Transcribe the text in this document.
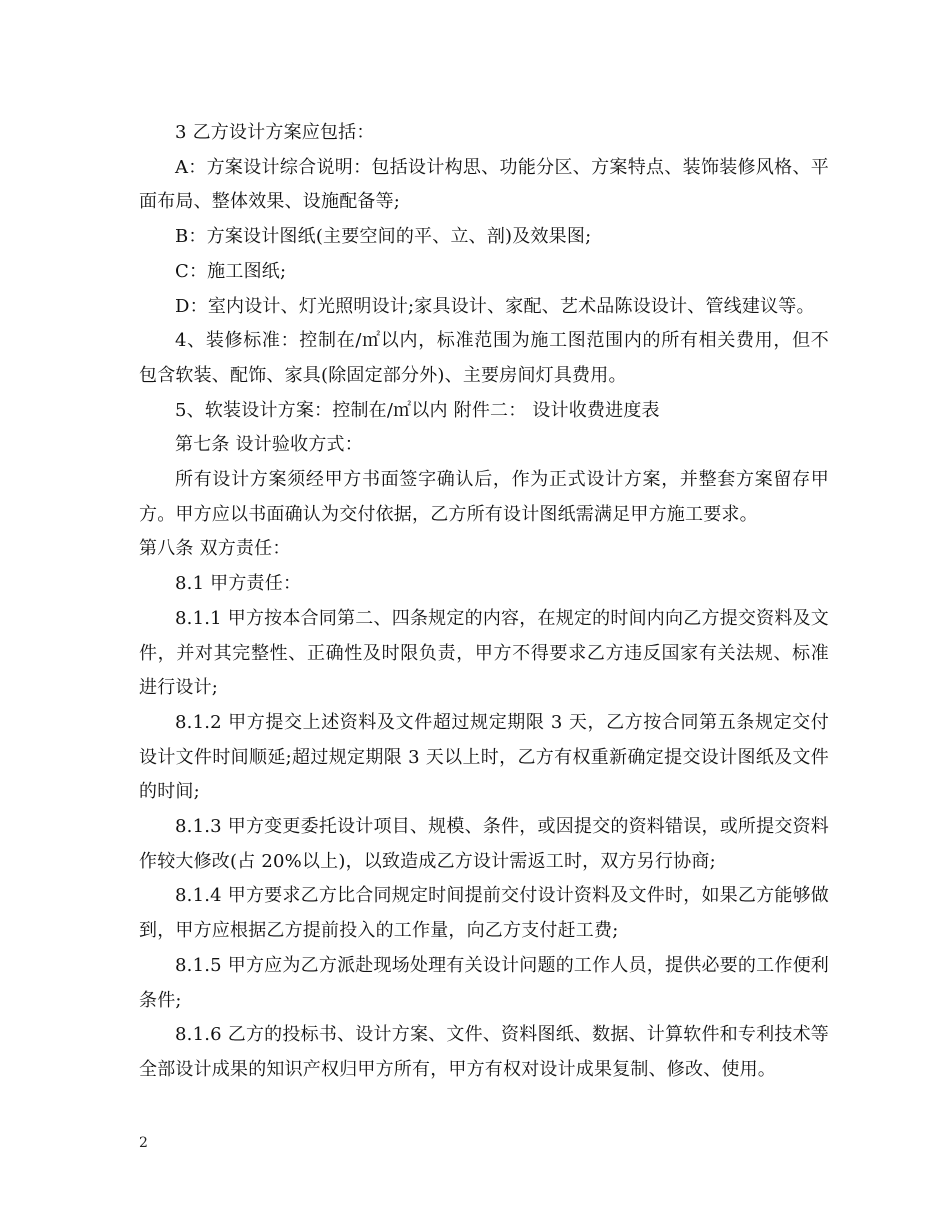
3 乙方设计方案应包括：

A：方案设计综合说明：包括设计构思、功能分区、方案特点、装饰装修风格、平面布局、整体效果、设施配备等;

B：方案设计图纸(主要空间的平、立、剖)及效果图;

C：施工图纸;

D：室内设计、灯光照明设计;家具设计、家配、艺术品陈设设计、管线建议等。

4、装修标准：控制在/㎡以内，标准范围为施工图范围内的所有相关费用，但不包含软装、配饰、家具(除固定部分外)、主要房间灯具费用。

5、软装设计方案：控制在/㎡以内 附件二： 设计收费进度表

第七条 设计验收方式：

所有设计方案须经甲方书面签字确认后，作为正式设计方案，并整套方案留存甲方。甲方应以书面确认为交付依据，乙方所有设计图纸需满足甲方施工要求。

第八条 双方责任：

8.1 甲方责任：

8.1.1 甲方按本合同第二、四条规定的内容，在规定的时间内向乙方提交资料及文件，并对其完整性、正确性及时限负责，甲方不得要求乙方违反国家有关法规、标准进行设计;

8.1.2 甲方提交上述资料及文件超过规定期限 3 天，乙方按合同第五条规定交付设计文件时间顺延;超过规定期限 3 天以上时，乙方有权重新确定提交设计图纸及文件的时间;

8.1.3 甲方变更委托设计项目、规模、条件，或因提交的资料错误，或所提交资料作较大修改(占 20%以上)，以致造成乙方设计需返工时，双方另行协商;

8.1.4 甲方要求乙方比合同规定时间提前交付设计资料及文件时，如果乙方能够做到，甲方应根据乙方提前投入的工作量，向乙方支付赶工费;

8.1.5 甲方应为乙方派赴现场处理有关设计问题的工作人员，提供必要的工作便利条件;

8.1.6 乙方的投标书、设计方案、文件、资料图纸、数据、计算软件和专利技术等全部设计成果的知识产权归甲方所有，甲方有权对设计成果复制、修改、使用。

2
